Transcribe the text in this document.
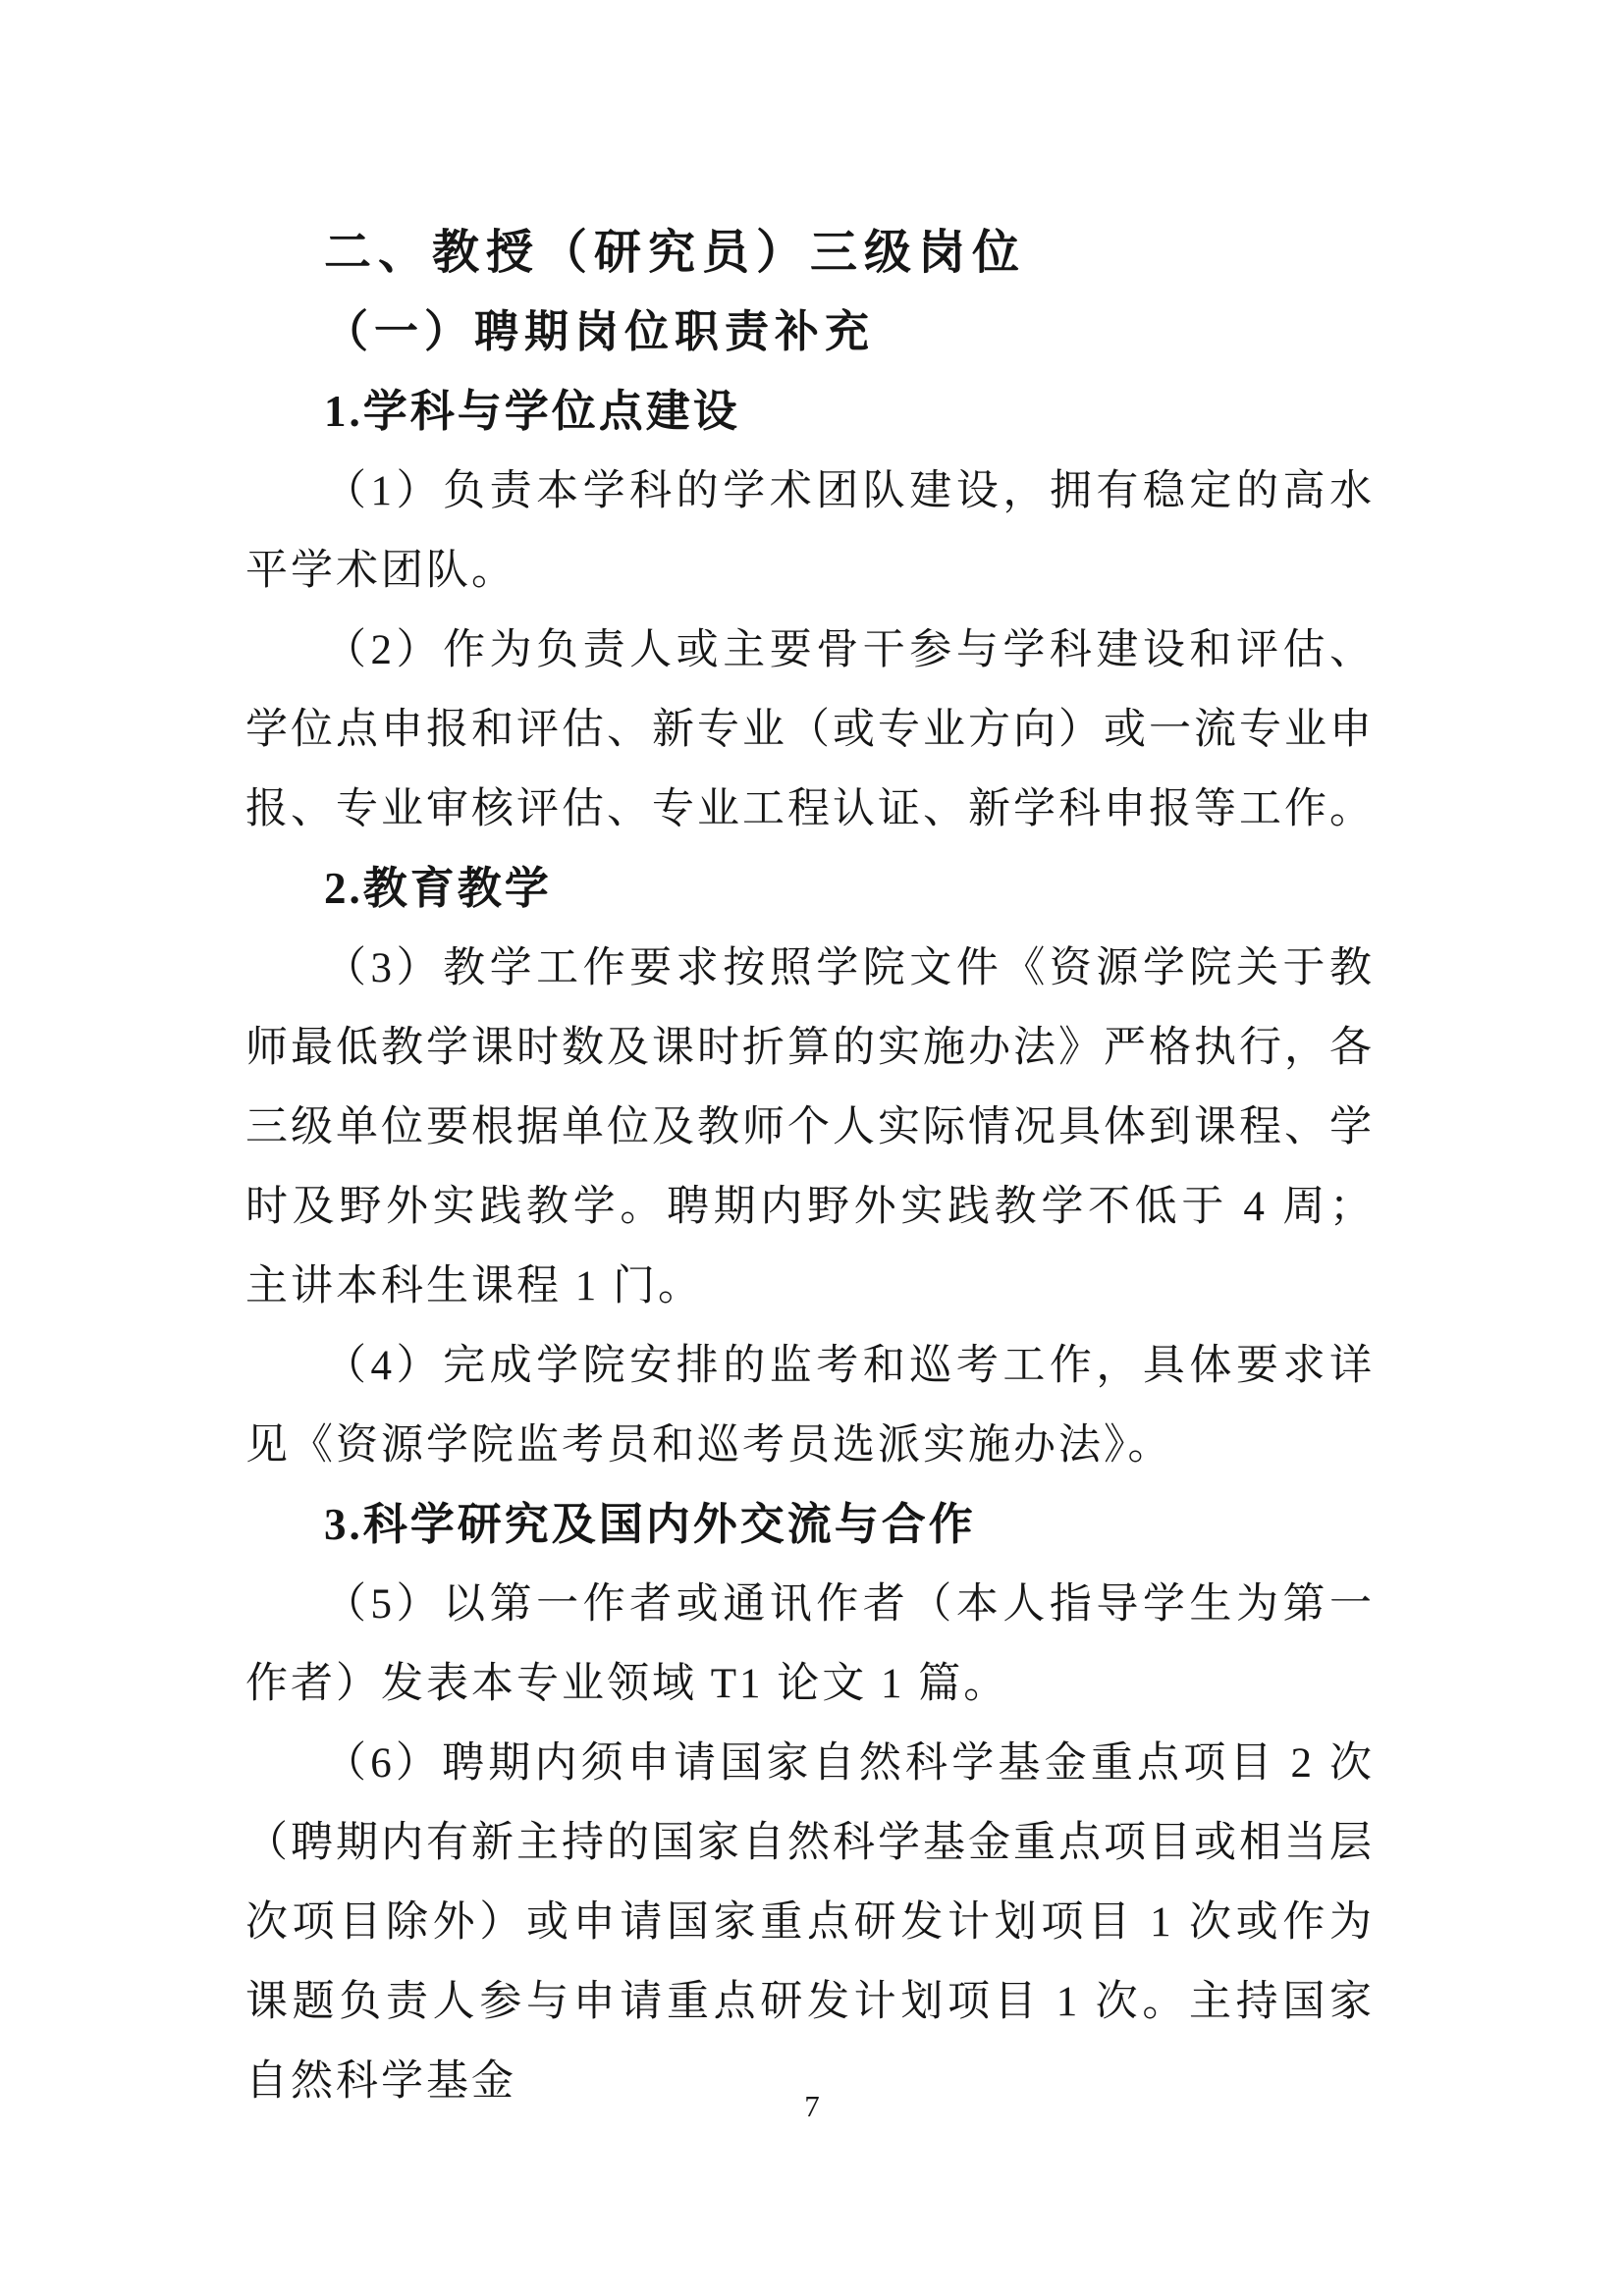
二、教授（研究员）三级岗位

（一）聘期岗位职责补充

1.学科与学位点建设

（1）负责本学科的学术团队建设，拥有稳定的高水平学术团队。

（2）作为负责人或主要骨干参与学科建设和评估、学位点申报和评估、新专业（或专业方向）或一流专业申报、专业审核评估、专业工程认证、新学科申报等工作。

2.教育教学

（3）教学工作要求按照学院文件《资源学院关于教师最低教学课时数及课时折算的实施办法》严格执行，各三级单位要根据单位及教师个人实际情况具体到课程、学时及野外实践教学。聘期内野外实践教学不低于 4 周；主讲本科生课程 1 门。

（4）完成学院安排的监考和巡考工作，具体要求详见《资源学院监考员和巡考员选派实施办法》。

3.科学研究及国内外交流与合作

（5）以第一作者或通讯作者（本人指导学生为第一作者）发表本专业领域 T1 论文 1 篇。

（6）聘期内须申请国家自然科学基金重点项目 2 次（聘期内有新主持的国家自然科学基金重点项目或相当层次项目除外）或申请国家重点研发计划项目 1 次或作为课题负责人参与申请重点研发计划项目 1 次。主持国家自然科学基金

7
